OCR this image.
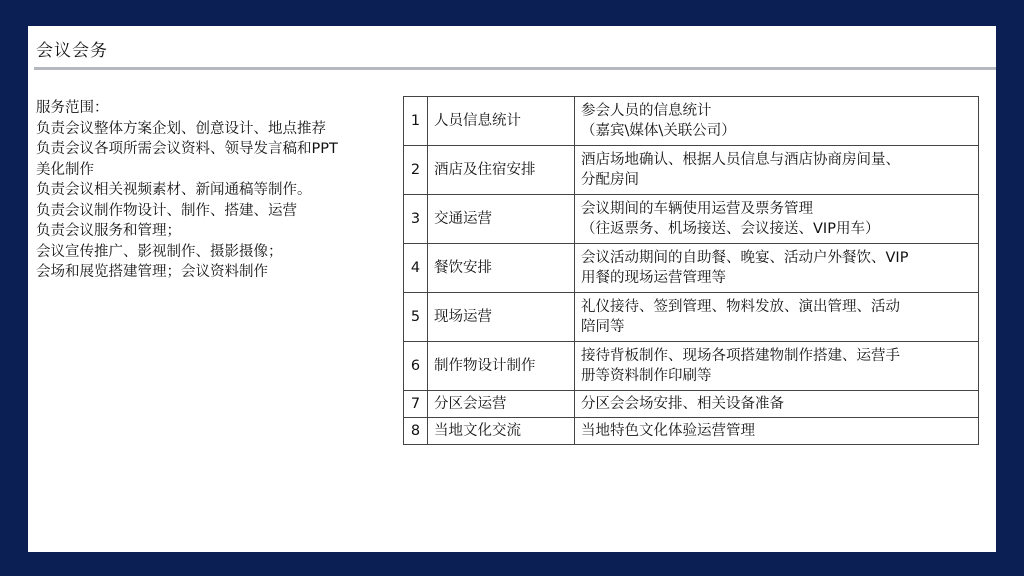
会议会务
服务范围：
负责会议整体方案企划、创意设计、地点推荐
负责会议各项所需会议资料、领导发言稿和PPT
美化制作
负责会议相关视频素材、新闻通稿等制作。
负责会议制作物设计、制作、搭建、运营
负责会议服务和管理；
会议宣传推广、影视制作、摄影摄像；
会场和展览搭建管理；会议资料制作
1	人员信息统计	参会人员的信息统计
（嘉宾\媒体\关联公司）

2	酒店及住宿安排	酒店场地确认、根据人员信息与酒店协商房间量、
分配房间

3	交通运营	会议期间的车辆使用运营及票务管理
（往返票务、机场接送、会议接送、VIP用车）

4	餐饮安排	会议活动期间的自助餐、晚宴、活动户外餐饮、VIP
用餐的现场运营管理等

5	现场运营	礼仪接待、签到管理、物料发放、演出管理、活动
陪同等

6	制作物设计制作	接待背板制作、现场各项搭建物制作搭建、运营手
册等资料制作印刷等

7	分区会运营	分区会会场安排、相关设备准备

8	当地文化交流	当地特色文化体验运营管理
